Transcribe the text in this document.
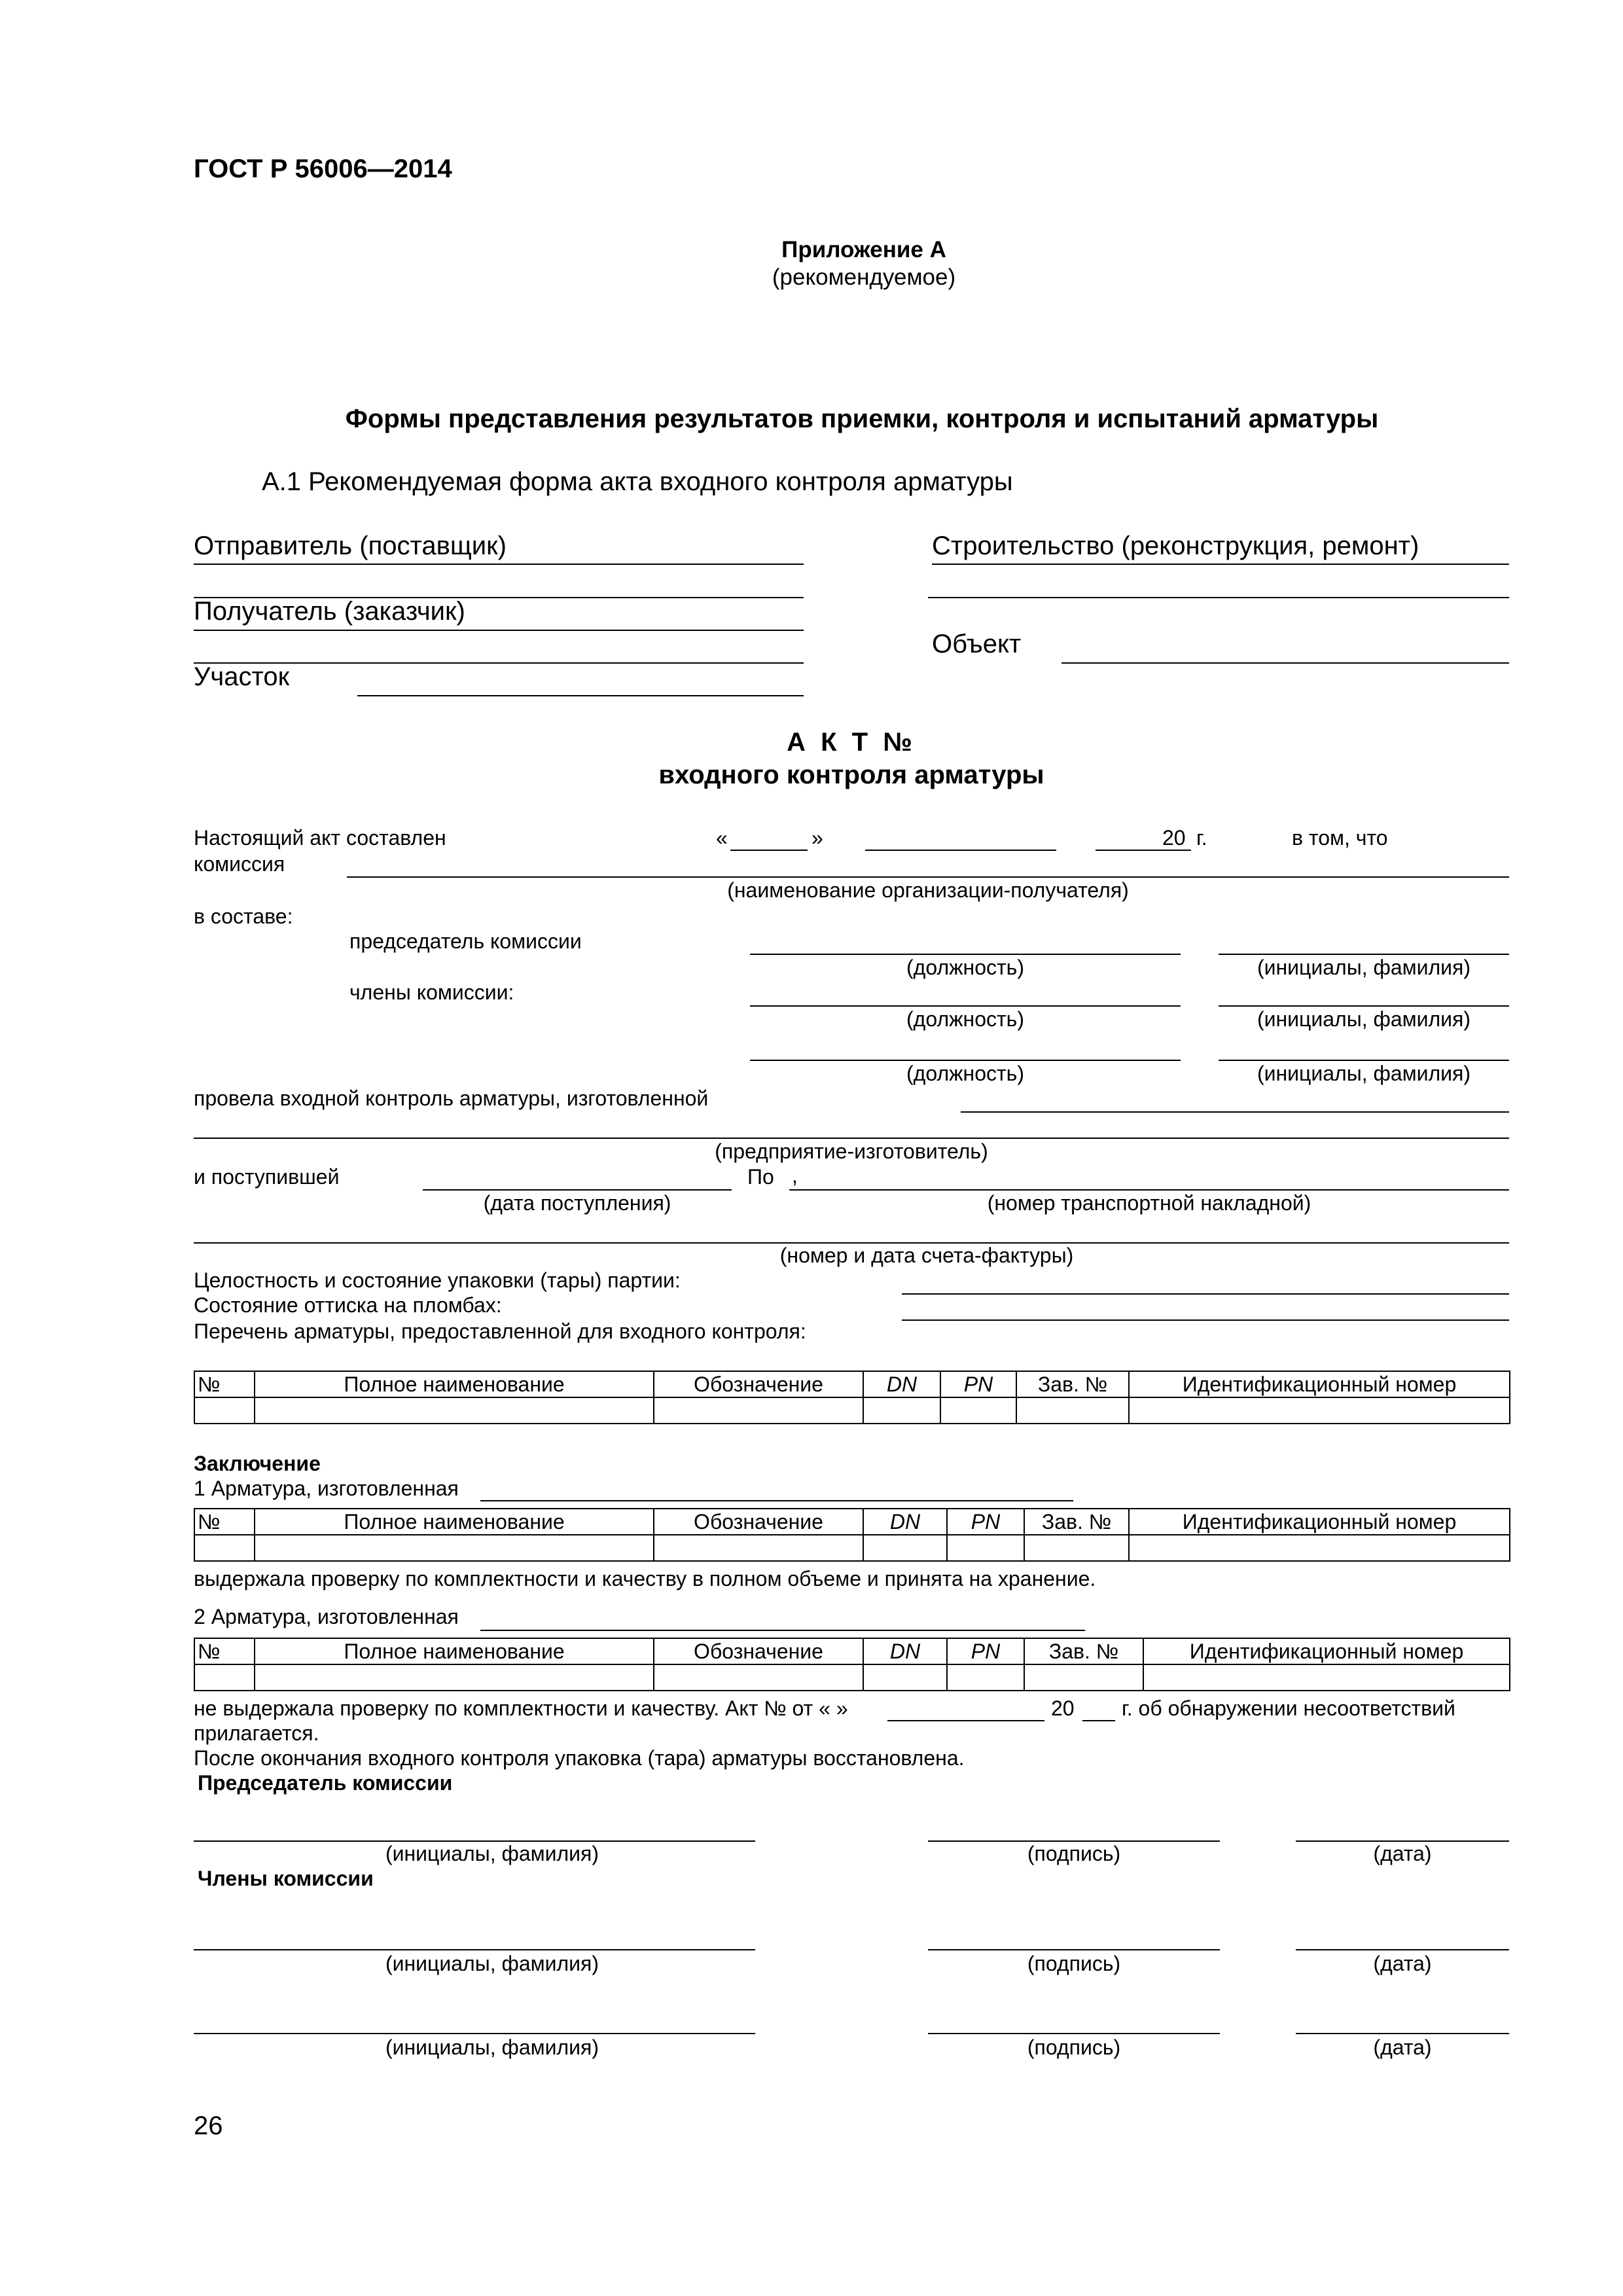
ГОСТ Р 56006—2014
Приложение А
(рекомендуемое)
Формы представления результатов приемки, контроля и испытаний арматуры
А.1 Рекомендуемая форма акта входного контроля арматуры
Отправитель (поставщик)	Строительство (реконструкция, ремонт)
Получатель (заказчик)
Объект
Участок
А К Т №
входного контроля арматуры
Настоящий акт составлен	«	»	20 г.	в том, что
комиссия
(наименование организации-получателя)
в составе:
председатель комиссии
(должность)	(инициалы, фамилия)
члены комиссии:
(должность)	(инициалы, фамилия)
(должность)	(инициалы, фамилия)
провела входной контроль арматуры, изготовленной
(предприятие-изготовитель)
и поступившей	По ,
(дата поступления)	(номер транспортной накладной)
(номер и дата счета-фактуры)
Целостность и состояние упаковки (тары) партии:
Состояние оттиска на пломбах:
Перечень арматуры, предоставленной для входного контроля:
№	Полное наименование	Обозначение	DN	PN	Зав. №	Идентификационный номер

Заключение
1 Арматура, изготовленная
№	Полное наименование	Обозначение	DN	PN	Зав. №	Идентификационный номер

выдержала проверку по комплектности и качеству в полном объеме и принята на хранение.
2 Арматура, изготовленная
№	Полное наименование	Обозначение	DN	PN	Зав. №	Идентификационный номер

не выдержала проверку по комплектности и качеству. Акт № от « »	20 г. об обнаружении несоответствий
прилагается.
После окончания входного контроля упаковка (тара) арматуры восстановлена.
Председатель комиссии
(инициалы, фамилия)	(подпись)	(дата)
Члены комиссии
(инициалы, фамилия)	(подпись)	(дата)
(инициалы, фамилия)	(подпись)	(дата)
26
